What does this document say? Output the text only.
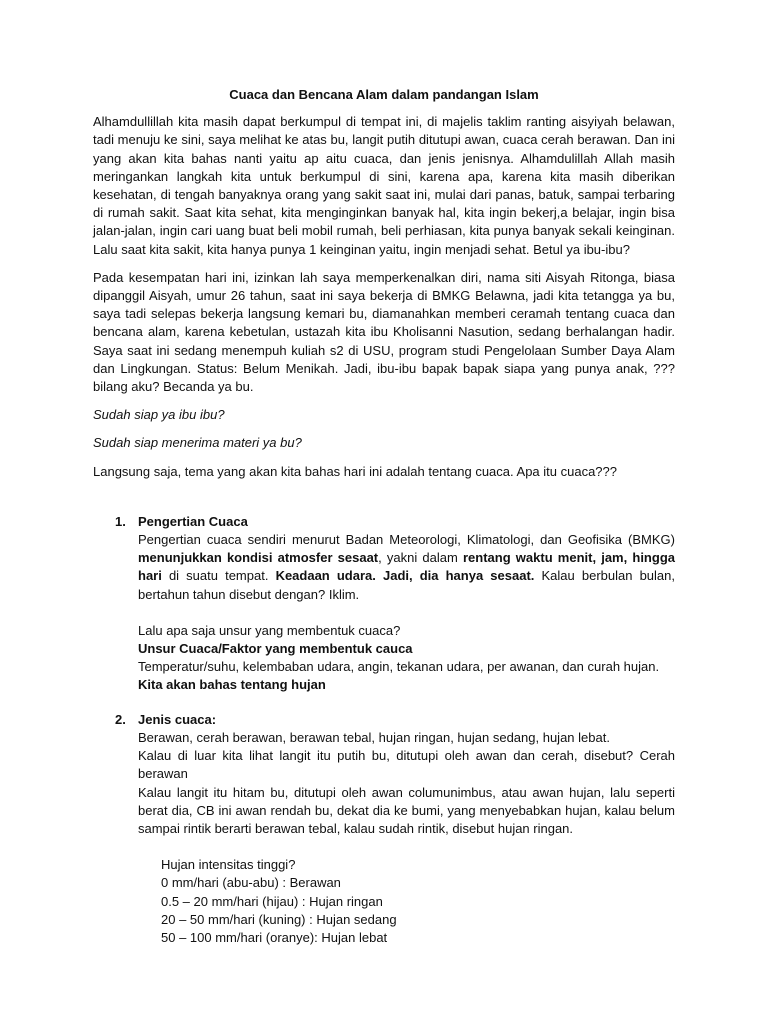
Cuaca dan Bencana Alam dalam pandangan Islam

Alhamdullillah kita masih dapat berkumpul di tempat ini, di majelis taklim ranting aisyiyah belawan, tadi menuju ke sini, saya melihat ke atas bu, langit putih ditutupi awan, cuaca cerah berawan. Dan ini yang akan kita bahas nanti yaitu ap aitu cuaca, dan jenis jenisnya. Alhamdulillah Allah masih meringankan langkah kita untuk berkumpul di sini, karena apa, karena kita masih diberikan kesehatan, di tengah banyaknya orang yang sakit saat ini, mulai dari panas, batuk, sampai terbaring di rumah sakit. Saat kita sehat, kita menginginkan banyak hal, kita ingin bekerj,a belajar, ingin bisa jalan-jalan, ingin cari uang buat beli mobil rumah, beli perhiasan, kita punya banyak sekali keinginan. Lalu saat kita sakit, kita hanya punya 1 keinginan yaitu, ingin menjadi sehat. Betul ya ibu-ibu?

Pada kesempatan hari ini, izinkan lah saya memperkenalkan diri, nama siti Aisyah Ritonga, biasa dipanggil Aisyah, umur 26 tahun, saat ini saya bekerja di BMKG Belawna, jadi kita tetangga ya bu, saya tadi selepas bekerja langsung kemari bu, diamanahkan memberi ceramah tentang cuaca dan bencana alam, karena kebetulan, ustazah kita ibu Kholisanni Nasution, sedang berhalangan hadir. Saya saat ini sedang menempuh kuliah s2 di USU, program studi Pengelolaan Sumber Daya Alam dan Lingkungan. Status: Belum Menikah. Jadi, ibu-ibu bapak bapak siapa yang punya anak, ??? bilang aku? Becanda ya bu.

Sudah siap ya ibu ibu?

Sudah siap menerima materi ya bu?

Langsung saja, tema yang akan kita bahas hari ini adalah tentang cuaca. Apa itu cuaca???

1. Pengertian Cuaca
Pengertian cuaca sendiri menurut Badan Meteorologi, Klimatologi, dan Geofisika (BMKG) menunjukkan kondisi atmosfer sesaat, yakni dalam rentang waktu menit, jam, hingga hari di suatu tempat. Keadaan udara. Jadi, dia hanya sesaat. Kalau berbulan bulan, bertahun tahun disebut dengan? Iklim.
Lalu apa saja unsur yang membentuk cuaca?
Unsur Cuaca/Faktor yang membentuk cauca
Temperatur/suhu, kelembaban udara, angin, tekanan udara, per awanan, dan curah hujan.
Kita akan bahas tentang hujan
2. Jenis cuaca:
Berawan, cerah berawan, berawan tebal, hujan ringan, hujan sedang, hujan lebat.
Kalau di luar kita lihat langit itu putih bu, ditutupi oleh awan dan cerah, disebut? Cerah berawan
Kalau langit itu hitam bu, ditutupi oleh awan columunimbus, atau awan hujan, lalu seperti berat dia, CB ini awan rendah bu, dekat dia ke bumi, yang menyebabkan hujan, kalau belum sampai rintik berarti berawan tebal, kalau sudah rintik, disebut hujan ringan.
Hujan intensitas tinggi?
0 mm/hari (abu-abu) : Berawan
0.5 – 20 mm/hari (hijau) : Hujan ringan
20 – 50 mm/hari (kuning) : Hujan sedang
50 – 100 mm/hari (oranye): Hujan lebat
